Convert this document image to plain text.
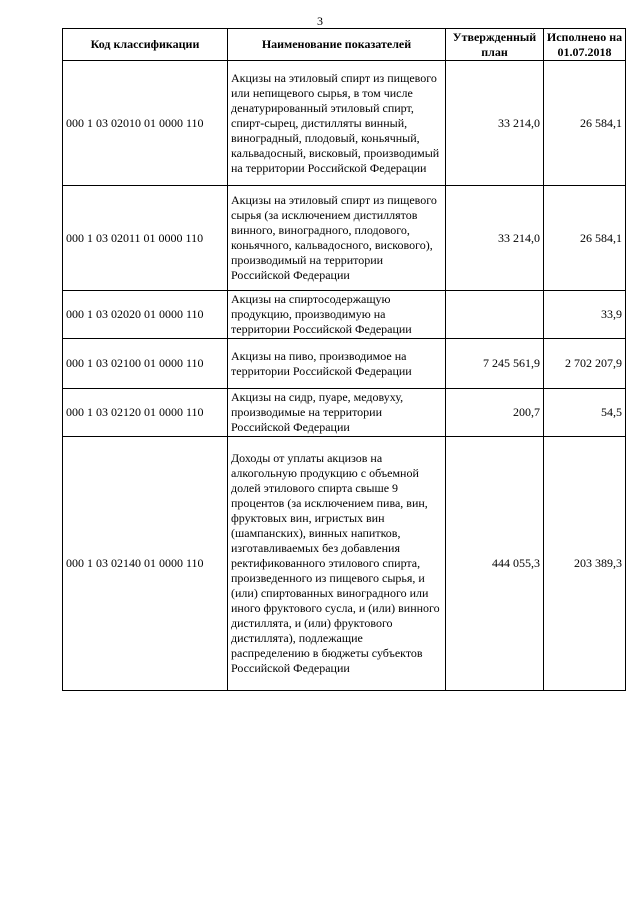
3
Код классификации	Наименование показателей	Утвержденный план	Исполнено на 01.07.2018
000 1 03 02010 01 0000 110	Акцизы на этиловый спирт из пищевого или непищевого сырья, в том числе денатурированный этиловый спирт, спирт-сырец, дистилляты винный, виноградный, плодовый, коньячный, кальвадосный, висковый, производимый на территории Российской Федерации	33 214,0	26 584,1
000 1 03 02011 01 0000 110	Акцизы на этиловый спирт из пищевого сырья (за исключением дистиллятов винного, виноградного, плодового, коньячного, кальвадосного, вискового), производимый на территории Российской Федерации	33 214,0	26 584,1
000 1 03 02020 01 0000 110	Акцизы на спиртосодержащую продукцию, производимую на территории Российской Федерации		33,9
000 1 03 02100 01 0000 110	Акцизы на пиво, производимое на территории Российской Федерации	7 245 561,9	2 702 207,9
000 1 03 02120 01 0000 110	Акцизы на сидр, пуаре, медовуху, производимые на территории Российской Федерации	200,7	54,5
000 1 03 02140 01 0000 110	Доходы от уплаты акцизов на алкогольную продукцию с объемной долей этилового спирта свыше 9 процентов (за исключением пива, вин, фруктовых вин, игристых вин (шампанских), винных напитков, изготавливаемых без добавления ректификованного этилового спирта, произведенного из пищевого сырья, и (или) спиртованных виноградного или иного фруктового сусла, и (или) винного дистиллята, и (или) фруктового дистиллята), подлежащие распределению в бюджеты субъектов Российской Федерации	444 055,3	203 389,3
